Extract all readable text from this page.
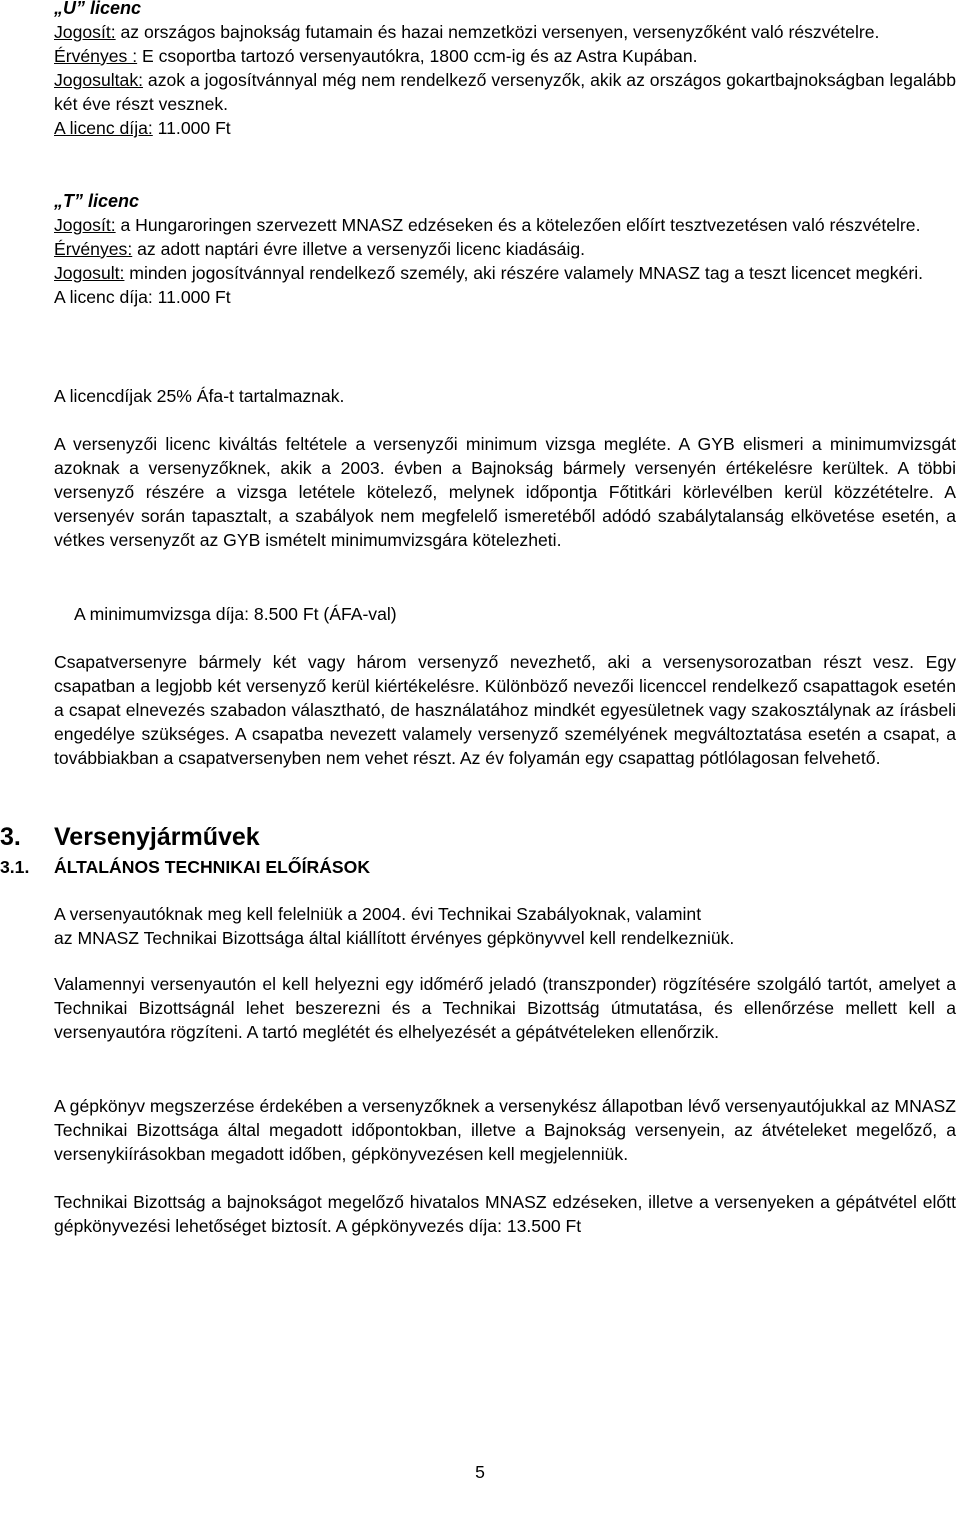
„U” licenc

Jogosít: az országos bajnokság futamain és hazai nemzetközi versenyen, versenyzőként való részvételre.

Érvényes : E csoportba tartozó versenyautókra, 1800 ccm-ig és az Astra Kupában.

Jogosultak: azok a jogosítvánnyal még nem rendelkező versenyzők, akik az országos gokartbajnokságban legalább két éve részt vesznek.

A licenc díja: 11.000 Ft
„T” licenc

Jogosít: a Hungaroringen szervezett MNASZ edzéseken és a kötelezően előírt tesztvezetésen való részvételre.

Érvényes: az adott naptári évre illetve a versenyzői licenc kiadásáig.

Jogosult: minden jogosítvánnyal rendelkező személy, aki részére valamely MNASZ tag a teszt licencet megkéri.

A licenc díja: 11.000 Ft
A licencdíjak 25% Áfa-t tartalmaznak.

A versenyzői licenc kiváltás feltétele a versenyzői minimum vizsga megléte. A GYB elismeri a minimumvizsgát azoknak a versenyzőknek, akik a 2003. évben a Bajnokság bármely versenyén értékelésre kerültek. A többi versenyző részére a vizsga letétele kötelező, melynek időpontja Főtitkári körlevélben kerül közzétételre. A versenyév során tapasztalt, a szabályok nem megfelelő ismeretéből adódó szabálytalanság elkövetése esetén, a vétkes versenyzőt az GYB ismételt minimumvizsgára kötelezheti.

A minimumvizsga díja: 8.500 Ft (ÁFA-val)

Csapatversenyre bármely két vagy három versenyző nevezhető, aki a versenysorozatban részt vesz. Egy csapatban a legjobb két versenyző kerül kiértékelésre. Különböző nevezői licenccel rendelkező csapattagok esetén a csapat elnevezés szabadon választható, de használatához mindkét egyesületnek vagy szakosztálynak az írásbeli engedélye szükséges. A csapatba nevezett valamely versenyző személyének megváltoztatása esetén a csapat, a továbbiakban a csapatversenyben nem vehet részt. Az év folyamán egy csapattag pótlólagosan felvehető.

3. Versenyjárművek
3.1. ÁLTALÁNOS TECHNIKAI ELŐÍRÁSOK
A versenyautóknak meg kell felelniük a 2004. évi Technikai Szabályoknak, valamint
az MNASZ Technikai Bizottsága által kiállított érvényes gépkönyvvel kell rendelkezniük.

Valamennyi versenyautón el kell helyezni egy időmérő jeladó (transzponder) rögzítésére szolgáló tartót, amelyet a Technikai Bizottságnál lehet beszerezni és a Technikai Bizottság útmutatása, és ellenőrzése mellett kell a versenyautóra rögzíteni. A tartó meglétét és elhelyezését a gépátvételeken ellenőrzik.

A gépkönyv megszerzése érdekében a versenyzőknek a versenykész állapotban lévő versenyautójukkal az MNASZ Technikai Bizottsága által megadott időpontokban, illetve a Bajnokság versenyein, az átvételeket megelőző, a versenykiírásokban megadott időben, gépkönyvezésen kell megjelenniük.

Technikai Bizottság a bajnokságot megelőző hivatalos MNASZ edzéseken, illetve a versenyeken a gépátvétel előtt gépkönyvezési lehetőséget biztosít. A gépkönyvezés díja: 13.500 Ft

5
